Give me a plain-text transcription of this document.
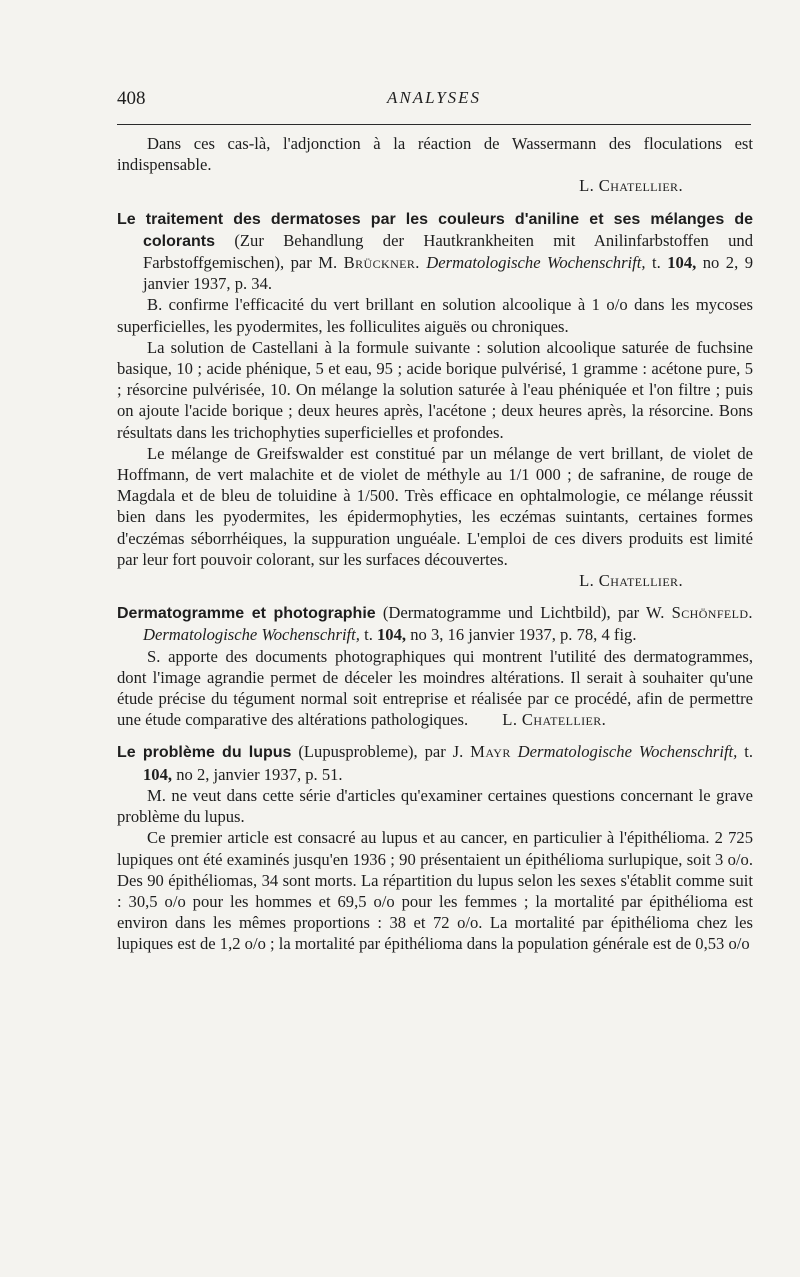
408	ANALYSES

Dans ces cas-là, l'adjonction à la réaction de Wassermann des floculations est indispensable.

L. Chatellier.

Le traitement des dermatoses par les couleurs d'aniline et ses mélanges de colorants (Zur Behandlung der Hautkrankheiten mit Anilinfarbstoffen und Farbstoffgemischen), par M. Brückner. Dermatologische Wochenschrift, t. 104, no 2, 9 janvier 1937, p. 34.

B. confirme l'efficacité du vert brillant en solution alcoolique à 1 o/o dans les mycoses superficielles, les pyodermites, les folliculites aiguës ou chroniques.

La solution de Castellani à la formule suivante : solution alcoolique saturée de fuchsine basique, 10 ; acide phénique, 5 et eau, 95 ; acide borique pulvérisé, 1 gramme : acétone pure, 5 ; résorcine pulvérisée, 10. On mélange la solution saturée à l'eau phéniquée et l'on filtre ; puis on ajoute l'acide borique ; deux heures après, l'acétone ; deux heures après, la résorcine. Bons résultats dans les trichophyties superficielles et profondes.

Le mélange de Greifswalder est constitué par un mélange de vert brillant, de violet de Hoffmann, de vert malachite et de violet de méthyle au 1/1 000 ; de safranine, de rouge de Magdala et de bleu de toluidine à 1/500. Très efficace en ophtalmologie, ce mélange réussit bien dans les pyodermites, les épidermophyties, les eczémas suintants, certaines formes d'eczémas séborrhéiques, la suppuration unguéale. L'emploi de ces divers produits est limité par leur fort pouvoir colorant, sur les surfaces découvertes.

L. Chatellier.

Dermatogramme et photographie (Dermatogramme und Lichtbild), par W. Schönfeld. Dermatologische Wochenschrift, t. 104, no 3, 16 janvier 1937, p. 78, 4 fig.

S. apporte des documents photographiques qui montrent l'utilité des dermatogrammes, dont l'image agrandie permet de déceler les moindres altérations. Il serait à souhaiter qu'une étude précise du tégument normal soit entreprise et réalisée par ce procédé, afin de permettre une étude comparative des altérations pathologiques. L. Chatellier.

Le problème du lupus (Lupusprobleme), par J. Mayr Dermatologische Wochenschrift, t. 104, no 2, janvier 1937, p. 51.

M. ne veut dans cette série d'articles qu'examiner certaines questions concernant le grave problème du lupus.

Ce premier article est consacré au lupus et au cancer, en particulier à l'épithélioma. 2 725 lupiques ont été examinés jusqu'en 1936 ; 90 présentaient un épithélioma surlupique, soit 3 o/o. Des 90 épithéliomas, 34 sont morts. La répartition du lupus selon les sexes s'établit comme suit : 30,5 o/o pour les hommes et 69,5 o/o pour les femmes ; la mortalité par épithélioma est environ dans les mêmes proportions : 38 et 72 o/o. La mortalité par épithélioma chez les lupiques est de 1,2 o/o ; la mortalité par épithélioma dans la population générale est de 0,53 o/o
